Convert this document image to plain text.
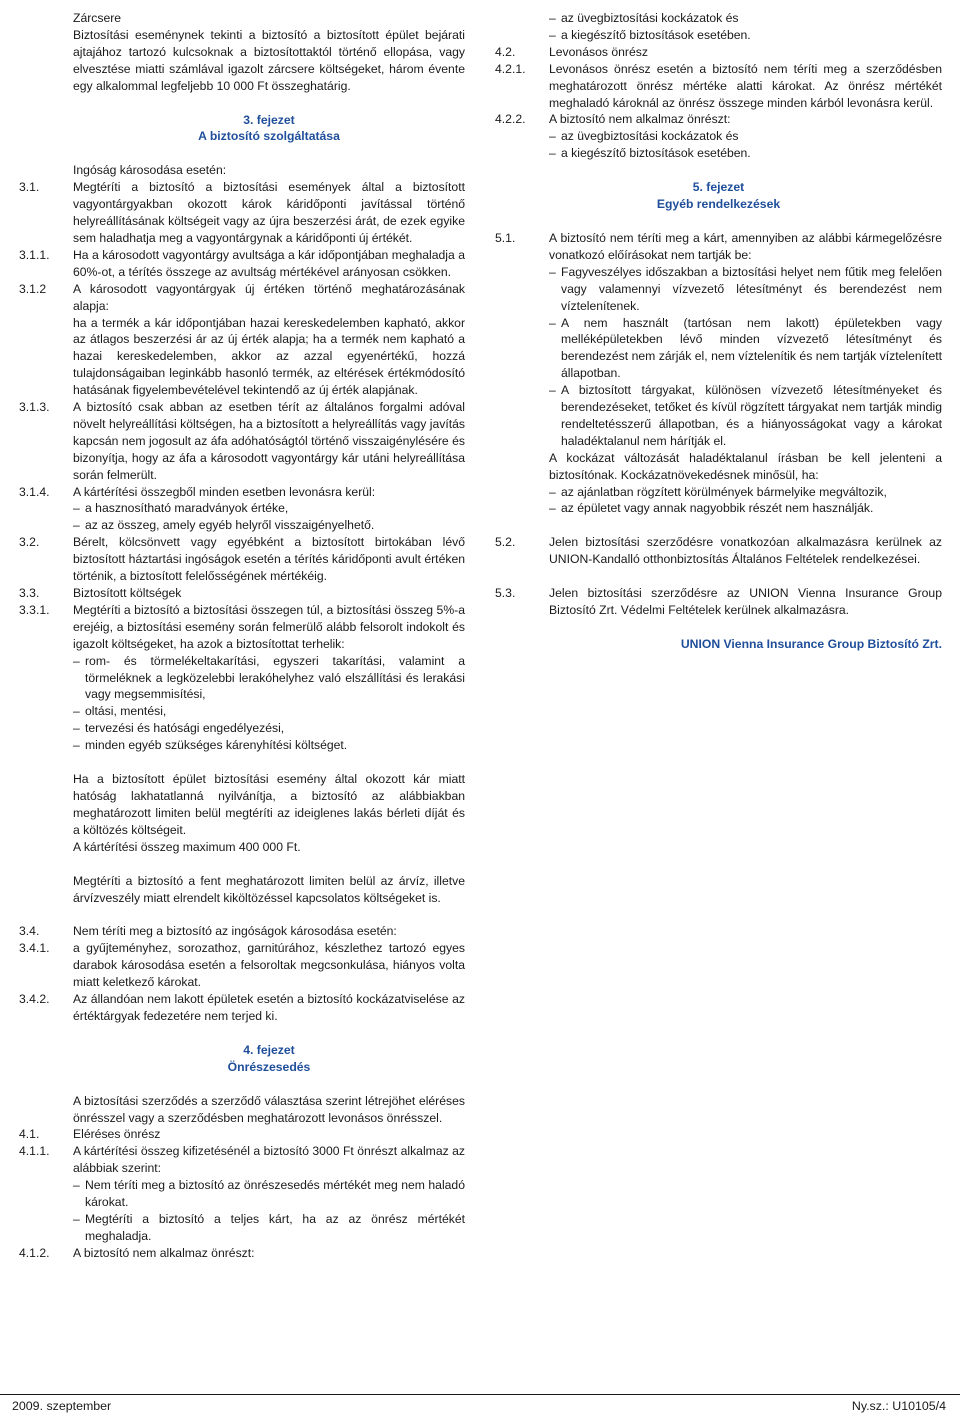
Zárcsere
Biztosítási eseménynek tekinti a biztosító a biztosított épület bejárati ajtajához tartozó kulcsoknak a biztosítottaktól történő ellopása, vagy elvesztése miatti számlával igazolt zárcsere költségeket, három évente egy alkalommal legfeljebb 10 000 Ft összeghatárig.
3. fejezet
A biztosító szolgáltatása
Ingóság károsodása esetén:
3.1.	Megtéríti a biztosító a biztosítási események által a biztosított vagyontárgyakban okozott károk káridőponti javítással történő helyreállításának költségeit vagy az újra beszerzési árát, de ezek egyike sem haladhatja meg a vagyontárgynak a káridőponti új értékét.
3.1.1.	Ha a károsodott vagyontárgy avultsága a kár időpontjában meghaladja a 60%-ot, a térítés összege az avultság mértékével arányosan csökken.
3.1.2	A károsodott vagyontárgyak új értéken történő meghatározásának alapja:
ha a termék a kár időpontjában hazai kereskedelemben kapható, akkor az átlagos beszerzési ár az új érték alapja; ha a termék nem kapható a hazai kereskedelemben, akkor az azzal egyenértékű, hozzá tulajdonságaiban leginkább hasonló termék, az eltérések értékmódosító hatásának figyelembevételével tekintendő az új érték alapjának.
3.1.3.	A biztosító csak abban az esetben térít az általános forgalmi adóval növelt helyreállítási költségen, ha a biztosított a helyreállítás vagy javítás kapcsán nem jogosult az áfa adóhatóságtól történő visszaigénylésére és bizonyítja, hogy az áfa a károsodott vagyontárgy kár utáni helyreállítása során felmerült.
3.1.4.	A kártérítési összegből minden esetben levonásra kerül:
– a hasznosítható maradványok értéke,
– az az összeg, amely egyéb helyről visszaigényelhető.
3.2.	Bérelt, kölcsönvett vagy egyébként a biztosított birtokában lévő biztosított háztartási ingóságok esetén a térítés káridőponti avult értéken történik, a biztosított felelősségének mértékéig.
3.3.	Biztosított költségek
3.3.1.	Megtéríti a biztosító a biztosítási összegen túl, a biztosítási összeg 5%-a erejéig, a biztosítási esemény során felmerülő alább felsorolt indokolt és igazolt költségeket, ha azok a biztosítottat terhelik:
– rom- és törmelékeltakarítási, egyszeri takarítási, valamint a törmeléknek a legközelebbi lerakóhelyhez való elszállítási és lerakási vagy megsemmisítési,
– oltási, mentési,
– tervezési és hatósági engedélyezési,
– minden egyéb szükséges kárenyhítési költséget.
Ha a biztosított épület biztosítási esemény által okozott kár miatt hatóság lakhatatlanná nyilvánítja, a biztosító az alábbiakban meghatározott limiten belül megtéríti az ideiglenes lakás bérleti díját és a költözés költségeit.
A kártérítési összeg maximum 400 000 Ft.
Megtéríti a biztosító a fent meghatározott limiten belül az árvíz, illetve árvízveszély miatt elrendelt kiköltözéssel kapcsolatos költségeket is.
3.4.	Nem téríti meg a biztosító az ingóságok károsodása esetén:
3.4.1.	a gyűjteményhez, sorozathoz, garnitúrához, készlethez tartozó egyes darabok károsodása esetén a felsoroltak megcsonkulása, hiányos volta miatt keletkező károkat.
3.4.2.	Az állandóan nem lakott épületek esetén a biztosító kockázatviselése az értéktárgyak fedezetére nem terjed ki.
4. fejezet
Önrészesedés
A biztosítási szerződés a szerződő választása szerint létrejöhet eléréses önrésszel vagy a szerződésben meghatározott levonásos önrésszel.
4.1.	Eléréses önrész
4.1.1.	A kártérítési összeg kifizetésénél a biztosító 3000 Ft önrészt alkalmaz az alábbiak szerint:
– Nem téríti meg a biztosító az önrészesedés mértékét meg nem haladó károkat.
– Megtéríti a biztosító a teljes kárt, ha az az önrész mértékét meghaladja.
4.1.2.	A biztosító nem alkalmaz önrészt:
– az üvegbiztosítási kockázatok és
– a kiegészítő biztosítások esetében.
4.2.	Levonásos önrész
4.2.1.	Levonásos önrész esetén a biztosító nem téríti meg a szerződésben meghatározott önrész mértéke alatti károkat. Az önrész mértékét meghaladó károknál az önrész összege minden kárból levonásra kerül.
4.2.2.	A biztosító nem alkalmaz önrészt:
– az üvegbiztosítási kockázatok és
– a kiegészítő biztosítások esetében.
5. fejezet
Egyéb rendelkezések
5.1.	A biztosító nem téríti meg a kárt, amennyiben az alábbi kármegelőzésre vonatkozó előírásokat nem tartják be:
– Fagyveszélyes időszakban a biztosítási helyet nem fűtik meg felelően vagy valamennyi vízvezető létesítményt és berendezést nem víztelenítenek.
– A nem használt (tartósan nem lakott) épületekben vagy melléképületekben lévő minden vízvezető létesítményt és berendezést nem zárják el, nem víztelenítik és nem tartják víztelenített állapotban.
– A biztosított tárgyakat, különösen vízvezető létesítményeket és berendezéseket, tetőket és kívül rögzített tárgyakat nem tartják mindig rendeltetésszerű állapotban, és a hiányosságokat vagy a károkat haladéktalanul nem hárítják el.
A kockázat változását haladéktalanul írásban be kell jelenteni a biztosítónak. Kockázatnövekedésnek minősül, ha:
– az ajánlatban rögzített körülmények bármelyike megváltozik,
– az épületet vagy annak nagyobbik részét nem használják.
5.2.	Jelen biztosítási szerződésre vonatkozóan alkalmazásra kerülnek az UNION-Kandalló otthonbiztosítás Általános Feltételek rendelkezései.
5.3.	Jelen biztosítási szerződésre az UNION Vienna Insurance Group Biztosító Zrt. Védelmi Feltételek kerülnek alkalmazásra.
UNION Vienna Insurance Group Biztosító Zrt.
2009. szeptember	Ny.sz.: U10105/4
